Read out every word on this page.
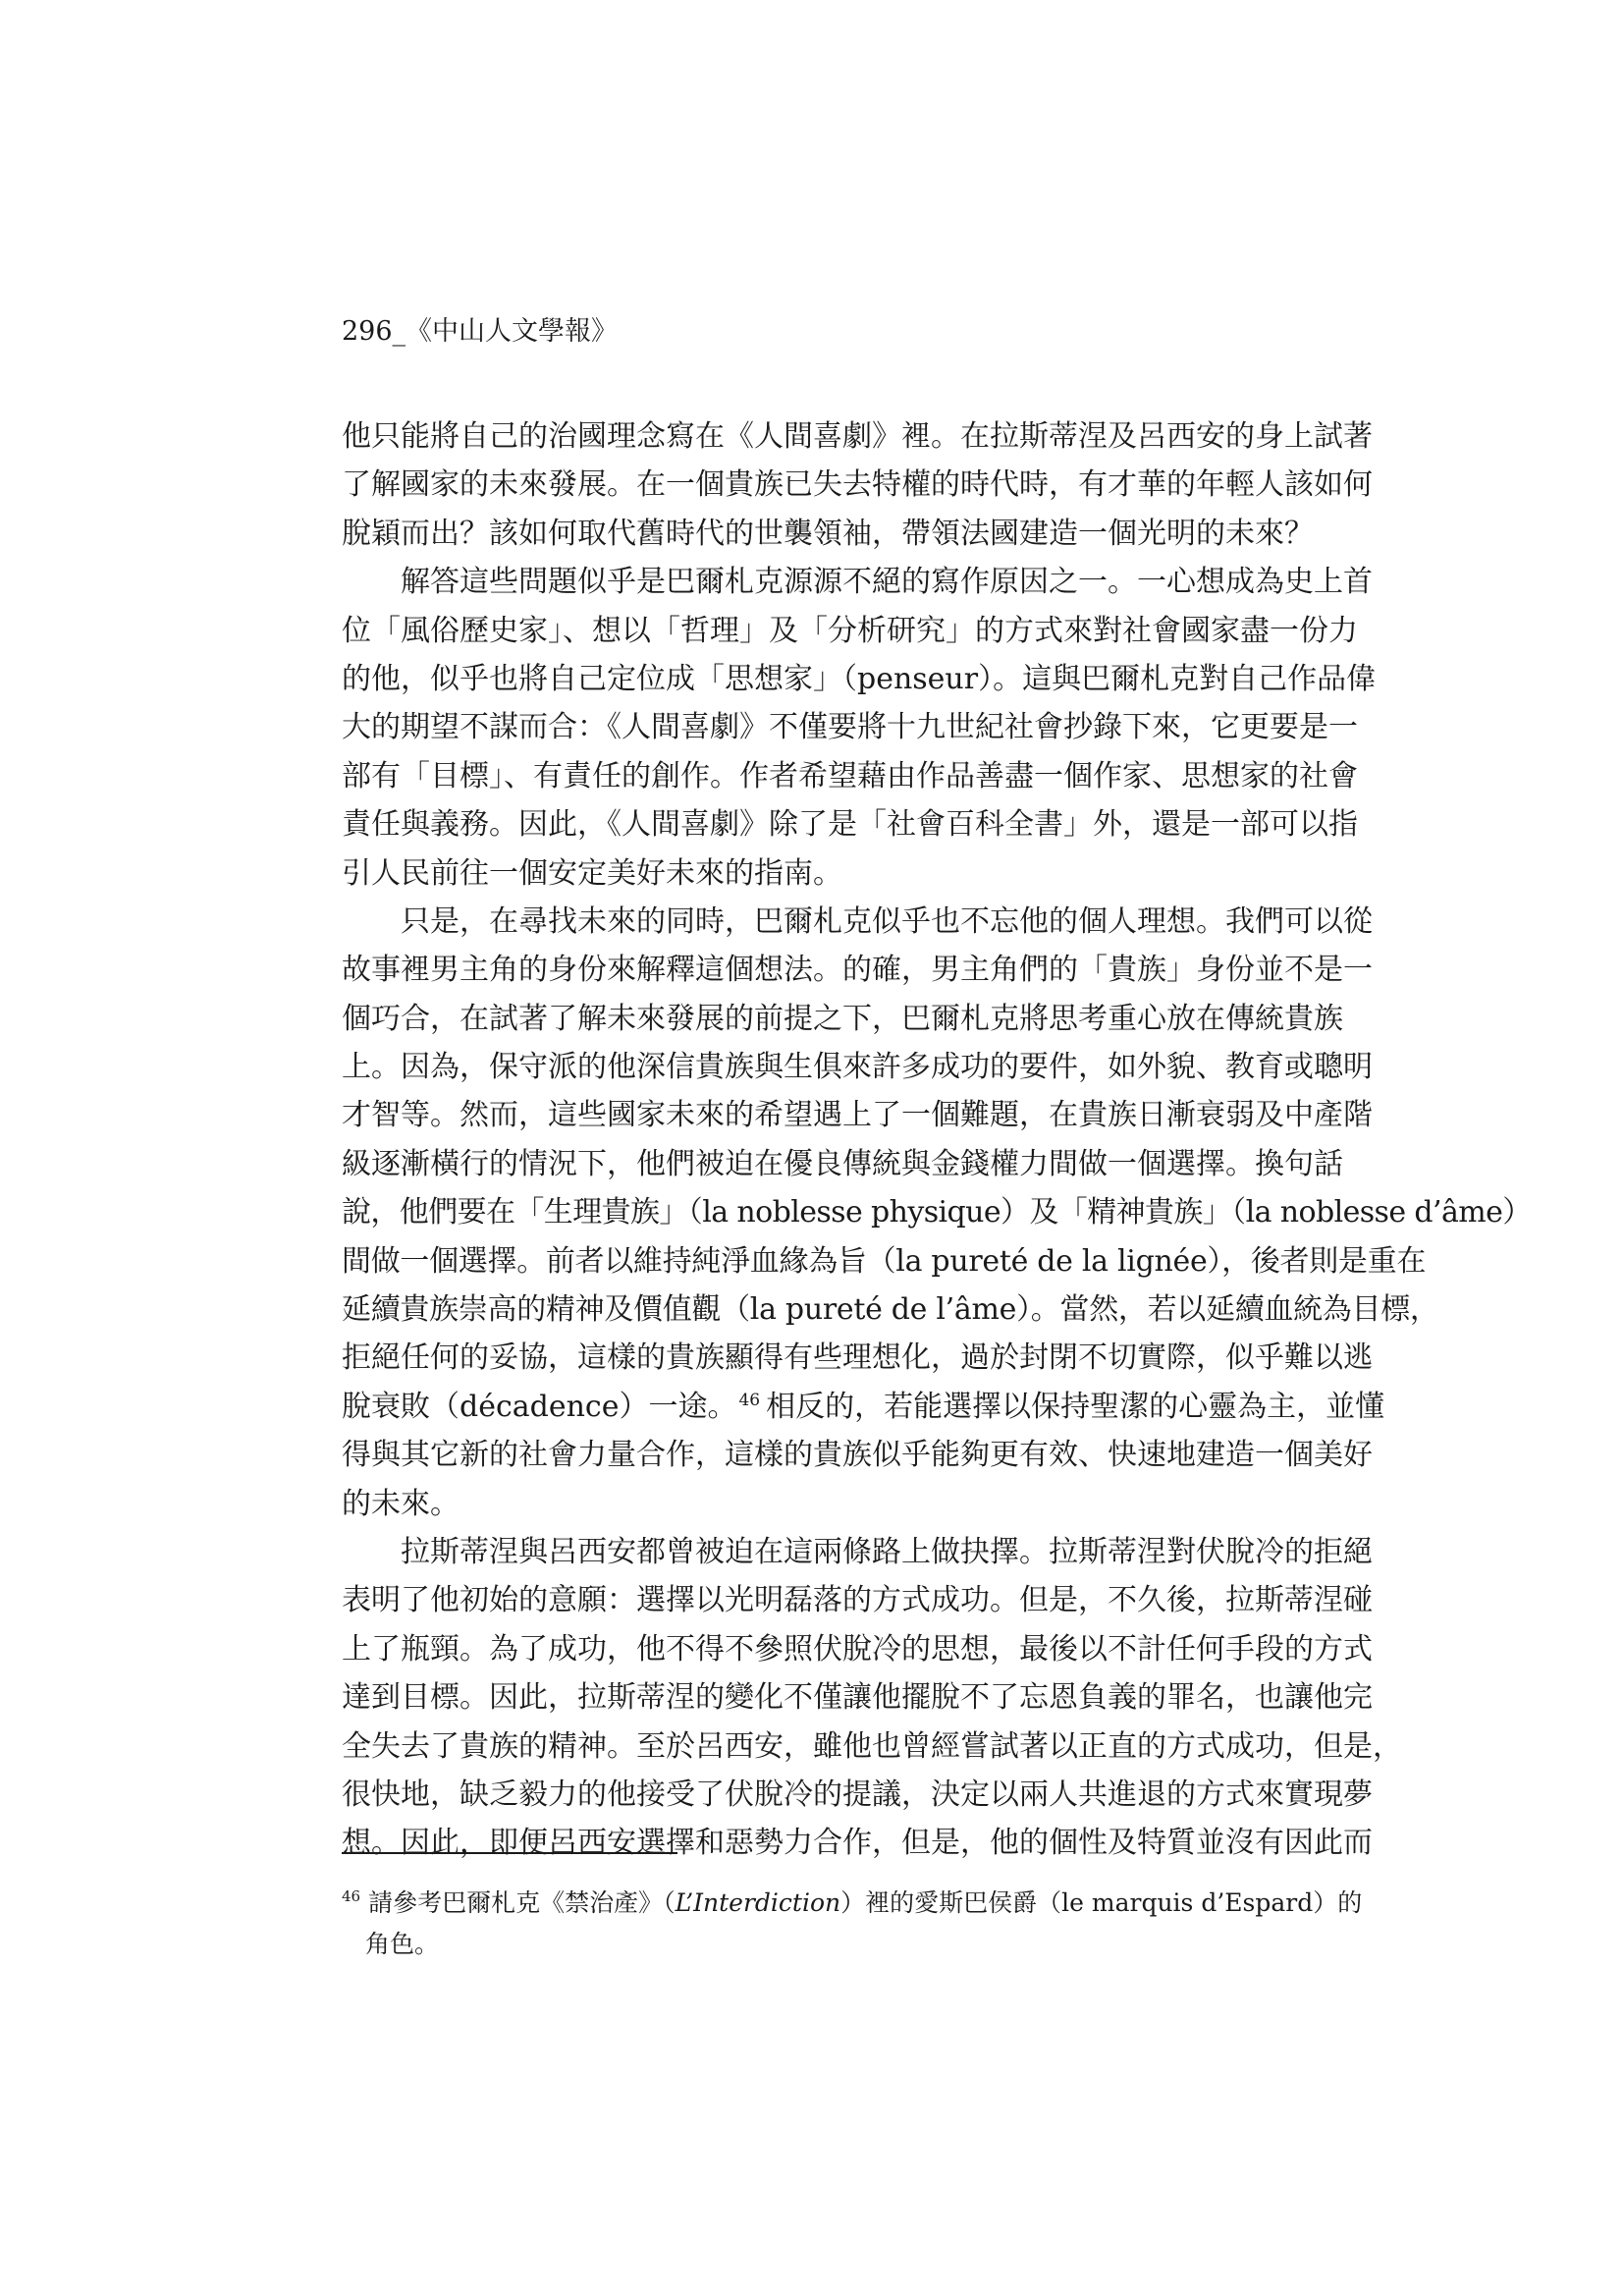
296_《中山人文學報》
他只能將自己的治國理念寫在《人間喜劇》裡。在拉斯蒂涅及呂西安的身上試著
了解國家的未來發展。在一個貴族已失去特權的時代時，有才華的年輕人該如何
脫穎而出？該如何取代舊時代的世襲領袖，帶領法國建造一個光明的未來？
解答這些問題似乎是巴爾札克源源不絕的寫作原因之一。一心想成為史上首
位「風俗歷史家」、想以「哲理」及「分析研究」的方式來對社會國家盡一份力
的他，似乎也將自己定位成「思想家」（penseur）。這與巴爾札克對自己作品偉
大的期望不謀而合：《人間喜劇》不僅要將十九世紀社會抄錄下來，它更要是一
部有「目標」、有責任的創作。作者希望藉由作品善盡一個作家、思想家的社會
責任與義務。因此，《人間喜劇》除了是「社會百科全書」外，還是一部可以指
引人民前往一個安定美好未來的指南。
只是，在尋找未來的同時，巴爾札克似乎也不忘他的個人理想。我們可以從
故事裡男主角的身份來解釋這個想法。的確，男主角們的「貴族」身份並不是一
個巧合，在試著了解未來發展的前提之下，巴爾札克將思考重心放在傳統貴族
上。因為，保守派的他深信貴族與生俱來許多成功的要件，如外貌、教育或聰明
才智等。然而，這些國家未來的希望遇上了一個難題，在貴族日漸衰弱及中產階
級逐漸橫行的情況下，他們被迫在優良傳統與金錢權力間做一個選擇。換句話
說，他們要在「生理貴族」（la noblesse physique）及「精神貴族」（la noblesse d’âme）
間做一個選擇。前者以維持純淨血緣為旨（la pureté de la lignée），後者則是重在
延續貴族崇高的精神及價值觀（la pureté de l’âme）。當然，若以延續血統為目標，
拒絕任何的妥協，這樣的貴族顯得有些理想化，過於封閉不切實際，似乎難以逃
脫衰敗（décadence）一途。 $^{46}$ 相反的，若能選擇以保持聖潔的心靈為主，並懂
得與其它新的社會力量合作，這樣的貴族似乎能夠更有效、快速地建造一個美好
的未來。
拉斯蒂涅與呂西安都曾被迫在這兩條路上做抉擇。拉斯蒂涅對伏脫冷的拒絕
表明了他初始的意願：選擇以光明磊落的方式成功。但是，不久後，拉斯蒂涅碰
上了瓶頸。為了成功，他不得不參照伏脫冷的思想，最後以不計任何手段的方式
達到目標。因此，拉斯蒂涅的變化不僅讓他擺脫不了忘恩負義的罪名，也讓他完
全失去了貴族的精神。至於呂西安，雖他也曾經嘗試著以正直的方式成功，但是，
很快地，缺乏毅力的他接受了伏脫冷的提議，決定以兩人共進退的方式來實現夢
想。因此，即便呂西安選擇和惡勢力合作，但是，他的個性及特質並沒有因此而
$^{46}$ 請參考巴爾札克《禁治產》（L’Interdiction）裡的愛斯巴侯爵（le marquis d’Espard）的
角色。
